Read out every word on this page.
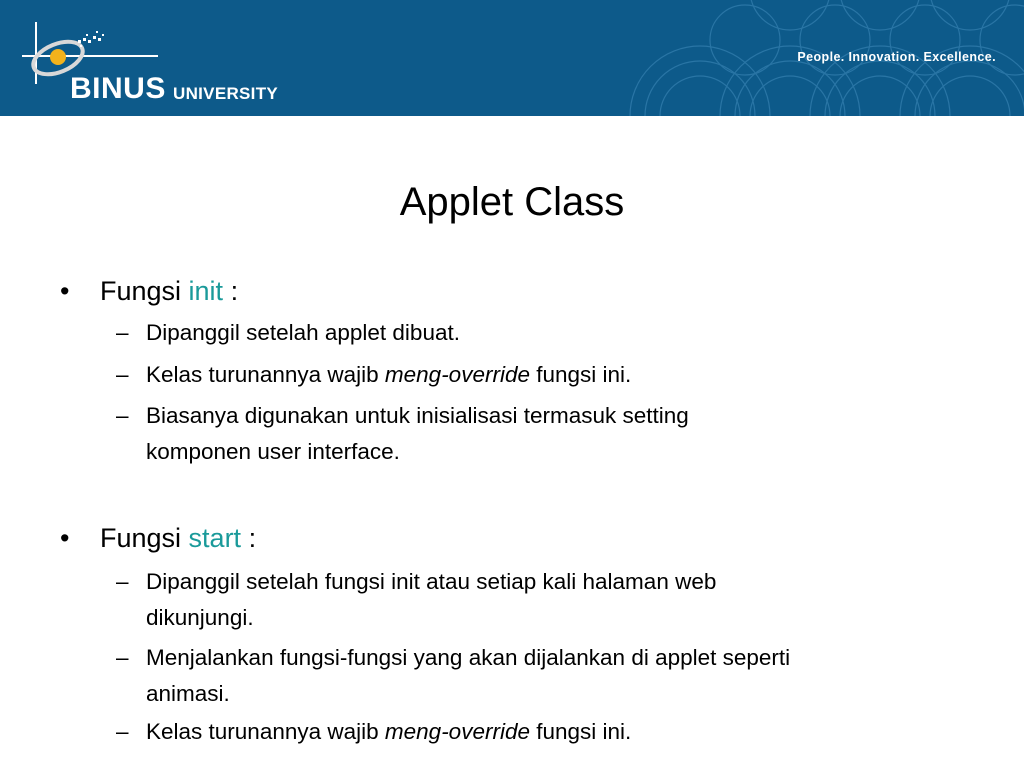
BINUS UNIVERSITY
People. Innovation. Excellence.
Applet Class
•	Fungsi init :
– Dipanggil setelah applet dibuat.
– Kelas turunannya wajib meng-override fungsi ini.
– Biasanya digunakan untuk inisialisasi termasuk setting
komponen user interface.
•	Fungsi start :
– Dipanggil setelah fungsi init atau setiap kali halaman web
dikunjungi.
– Menjalankan fungsi-fungsi yang akan dijalankan di applet seperti
animasi.
– Kelas turunannya wajib meng-override fungsi ini.
